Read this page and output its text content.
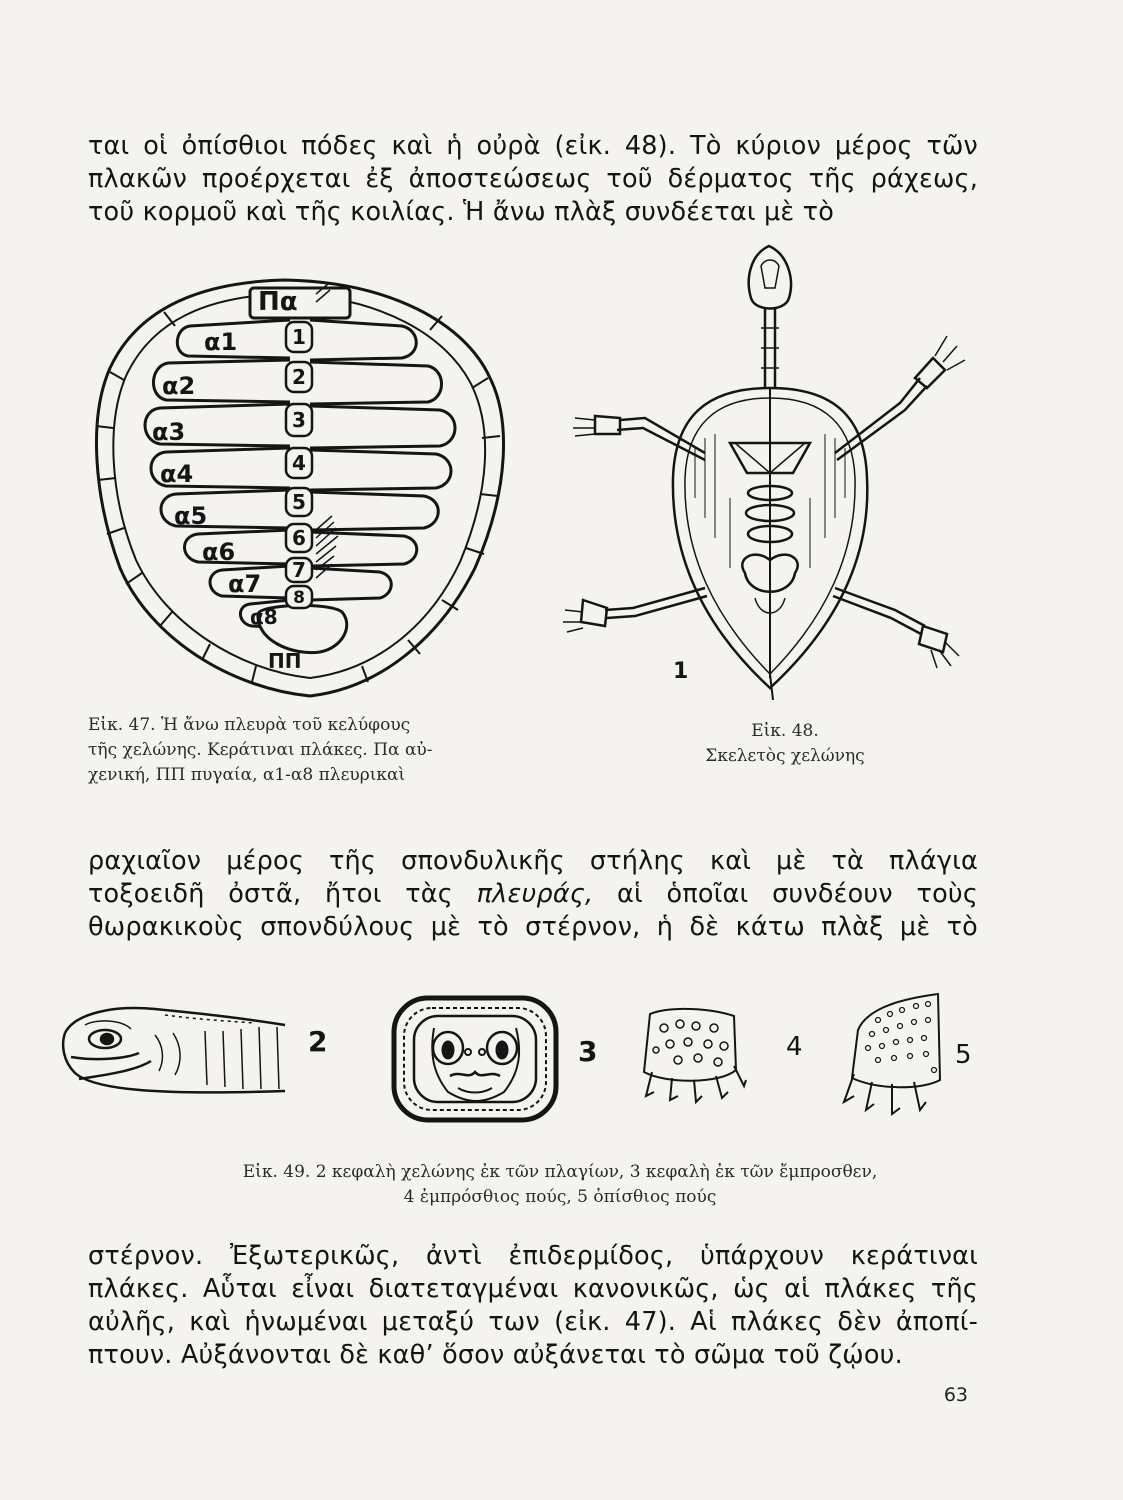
ται οἱ ὀπίσθιοι πόδες καὶ ἡ οὐρὰ (εἰκ. 48). Τὸ κύριον μέρος τῶν
πλακῶν προέρχεται ἐξ ἀποστεώσεως τοῦ δέρματος τῆς ράχεως,
τοῦ κορμοῦ καὶ τῆς κοιλίας. Ἡ ἄνω πλὰξ συνδέεται μὲ τὸ
Πα
ΠΠ
α1
α2
α3
α4
α5
α6
α7
α8
1
2
3
4
5
6
7
8
1
Εἰκ. 47. Ἡ ἄνω πλευρὰ τοῦ κελύφους
τῆς χελώνης. Κεράτιναι πλάκες. Πα αὐ-
χενική, ΠΠ πυγαία, α1-α8 πλευρικαὶ
Εἰκ. 48.
Σκελετὸς χελώνης
ραχιαῖον μέρος τῆς σπονδυλικῆς στήλης καὶ μὲ τὰ πλάγια
τοξοειδῆ ὀστᾶ, ἤτοι τὰς πλευράς, αἱ ὁποῖαι συνδέουν τοὺς
θωρακικοὺς σπονδύλους μὲ τὸ στέρνον, ἡ δὲ κάτω πλὰξ μὲ τὸ
2	3	4	5
Εἰκ. 49. 2 κεφαλὴ χελώνης ἐκ τῶν πλαγίων, 3 κεφαλὴ ἐκ τῶν ἔμπροσθεν,
4 ἐμπρόσθιος πούς, 5 ὀπίσθιος πούς
στέρνον. Ἐξωτερικῶς, ἀντὶ ἐπιδερμίδος, ὑπάρχουν κεράτιναι
πλάκες. Αὗται εἶναι διατεταγμέναι κανονικῶς, ὡς αἱ πλάκες τῆς
αὐλῆς, καὶ ἡνωμέναι μεταξύ των (εἰκ. 47). Αἱ πλάκες δὲν ἀποπί-
πτουν. Αὐξάνονται δὲ καθ’ ὅσον αὐξάνεται τὸ σῶμα τοῦ ζῴου.
63
